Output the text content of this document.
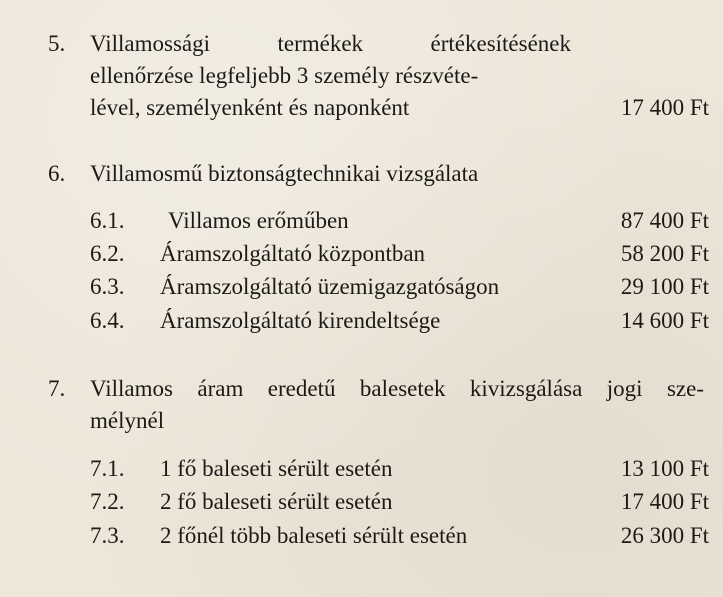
5. Villamossági termékek értékesítésének
ellenőrzése legfeljebb 3 személy részvéte-
lével, személyenként és naponként	17 400 Ft
6. Villamosmű biztonságtechnikai vizsgálata
6.1. Villamos erőműben	87 400 Ft
6.2. Áramszolgáltató központban	58 200 Ft
6.3. Áramszolgáltató üzemigazgatóságon	29 100 Ft
6.4. Áramszolgáltató kirendeltsége	14 600 Ft
7. Villamos áram eredetű balesetek kivizsgálása jogi sze-
mélynél
7.1. 1 fő baleseti sérült esetén	13 100 Ft
7.2. 2 fő baleseti sérült esetén	17 400 Ft
7.3. 2 főnél több baleseti sérült esetén	26 300 Ft
